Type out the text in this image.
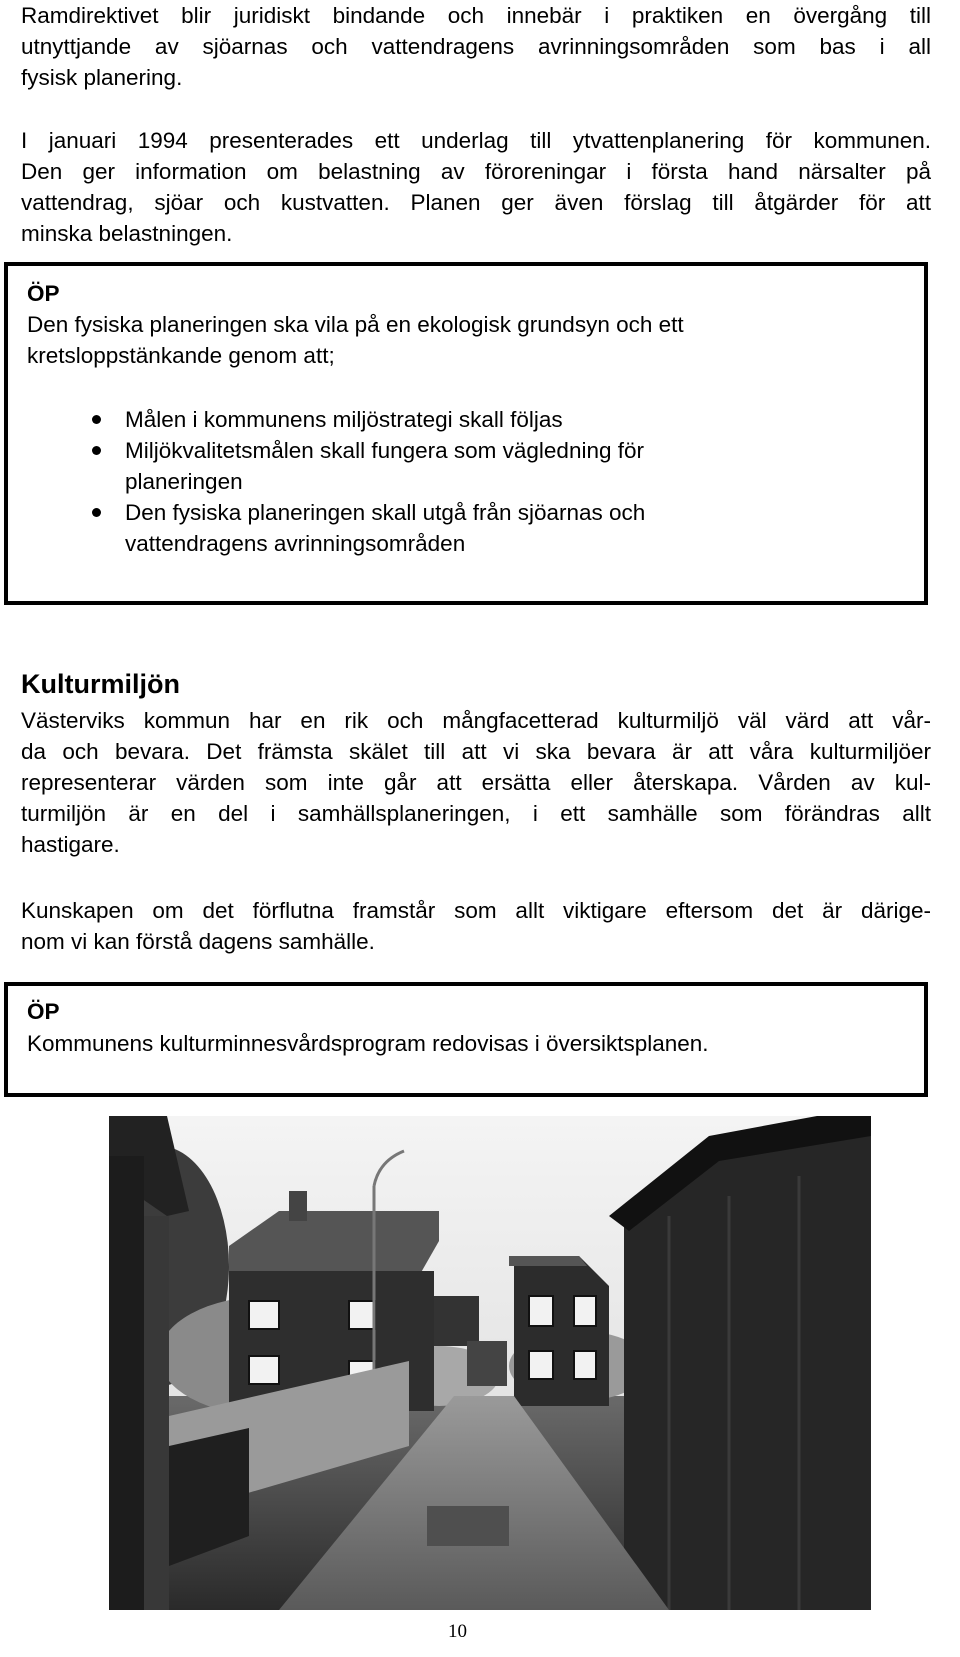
Ramdirektivet blir juridiskt bindande och innebär i praktiken en övergång till
utnyttjande av sjöarnas och vattendragens avrinningsområden som bas i all
fysisk planering.
I januari 1994 presenterades ett underlag till ytvattenplanering för kommunen.
Den ger information om belastning av föroreningar i första hand närsalter på
vattendrag, sjöar och kustvatten. Planen ger även förslag till åtgärder för att
minska belastningen.
ÖP
Den fysiska planeringen ska vila på en ekologisk grundsyn och ett
kretsloppstänkande genom att;
Målen i kommunens miljöstrategi skall följas
Miljökvalitetsmålen skall fungera som vägledning för
planeringen
Den fysiska planeringen skall utgå från sjöarnas och
vattendragens avrinningsområden
Kulturmiljön
Västerviks kommun har en rik och mångfacetterad kulturmiljö väl värd att vår-
da och bevara. Det främsta skälet till att vi ska bevara är att våra kulturmiljöer
representerar värden som inte går att ersätta eller återskapa. Vården av kul-
turmiljön är en del i samhällsplaneringen, i ett samhälle som förändras allt
hastigare.
Kunskapen om det förflutna framstår som allt viktigare eftersom det är därige-
nom vi kan förstå dagens samhälle.
ÖP
Kommunens kulturminnesvårdsprogram redovisas i översiktsplanen.
10
